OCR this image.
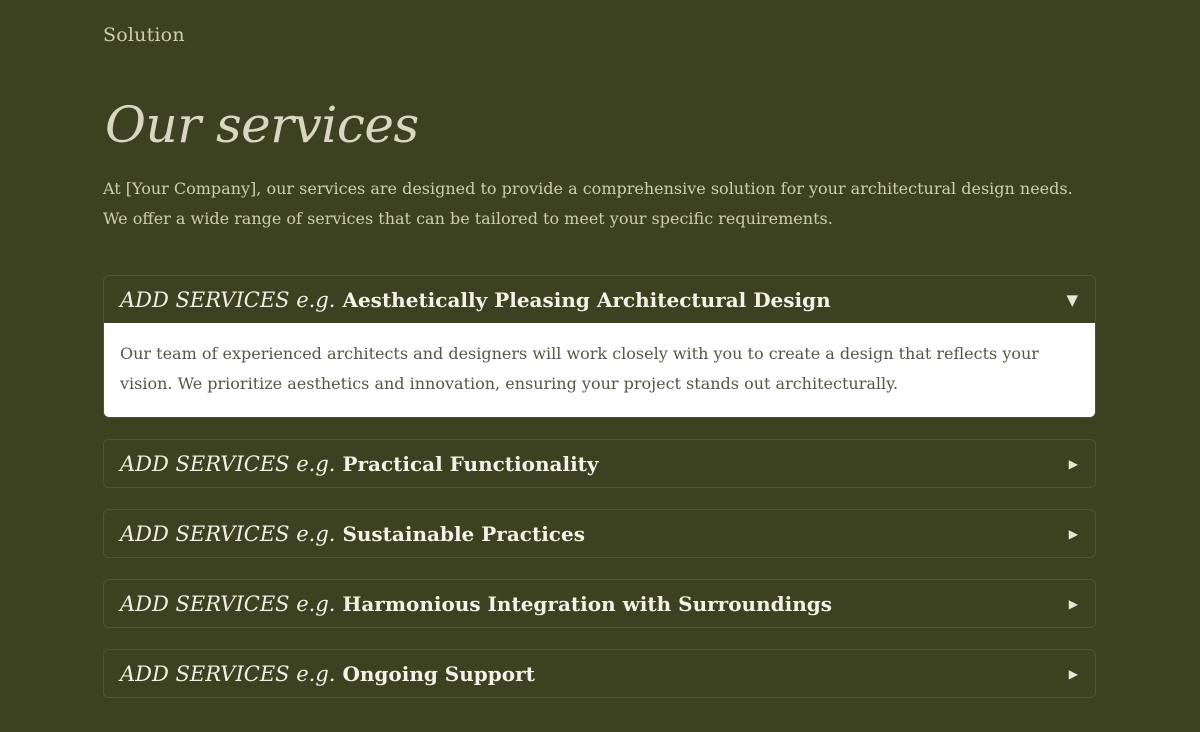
Solution
Our services

At [Your Company], our services are designed to provide a comprehensive solution for your architectural design needs. We offer a wide range of services that can be tailored to meet your specific requirements.

ADD SERVICES e.g. Aesthetically Pleasing Architectural Design	▼
Our team of experienced architects and designers will work closely with you to create a design that reflects your vision. We prioritize aesthetics and innovation, ensuring your project stands out architecturally.
ADD SERVICES e.g. Practical Functionality	▶
ADD SERVICES e.g. Sustainable Practices	▶
ADD SERVICES e.g. Harmonious Integration with Surroundings	▶
ADD SERVICES e.g. Ongoing Support	▶
